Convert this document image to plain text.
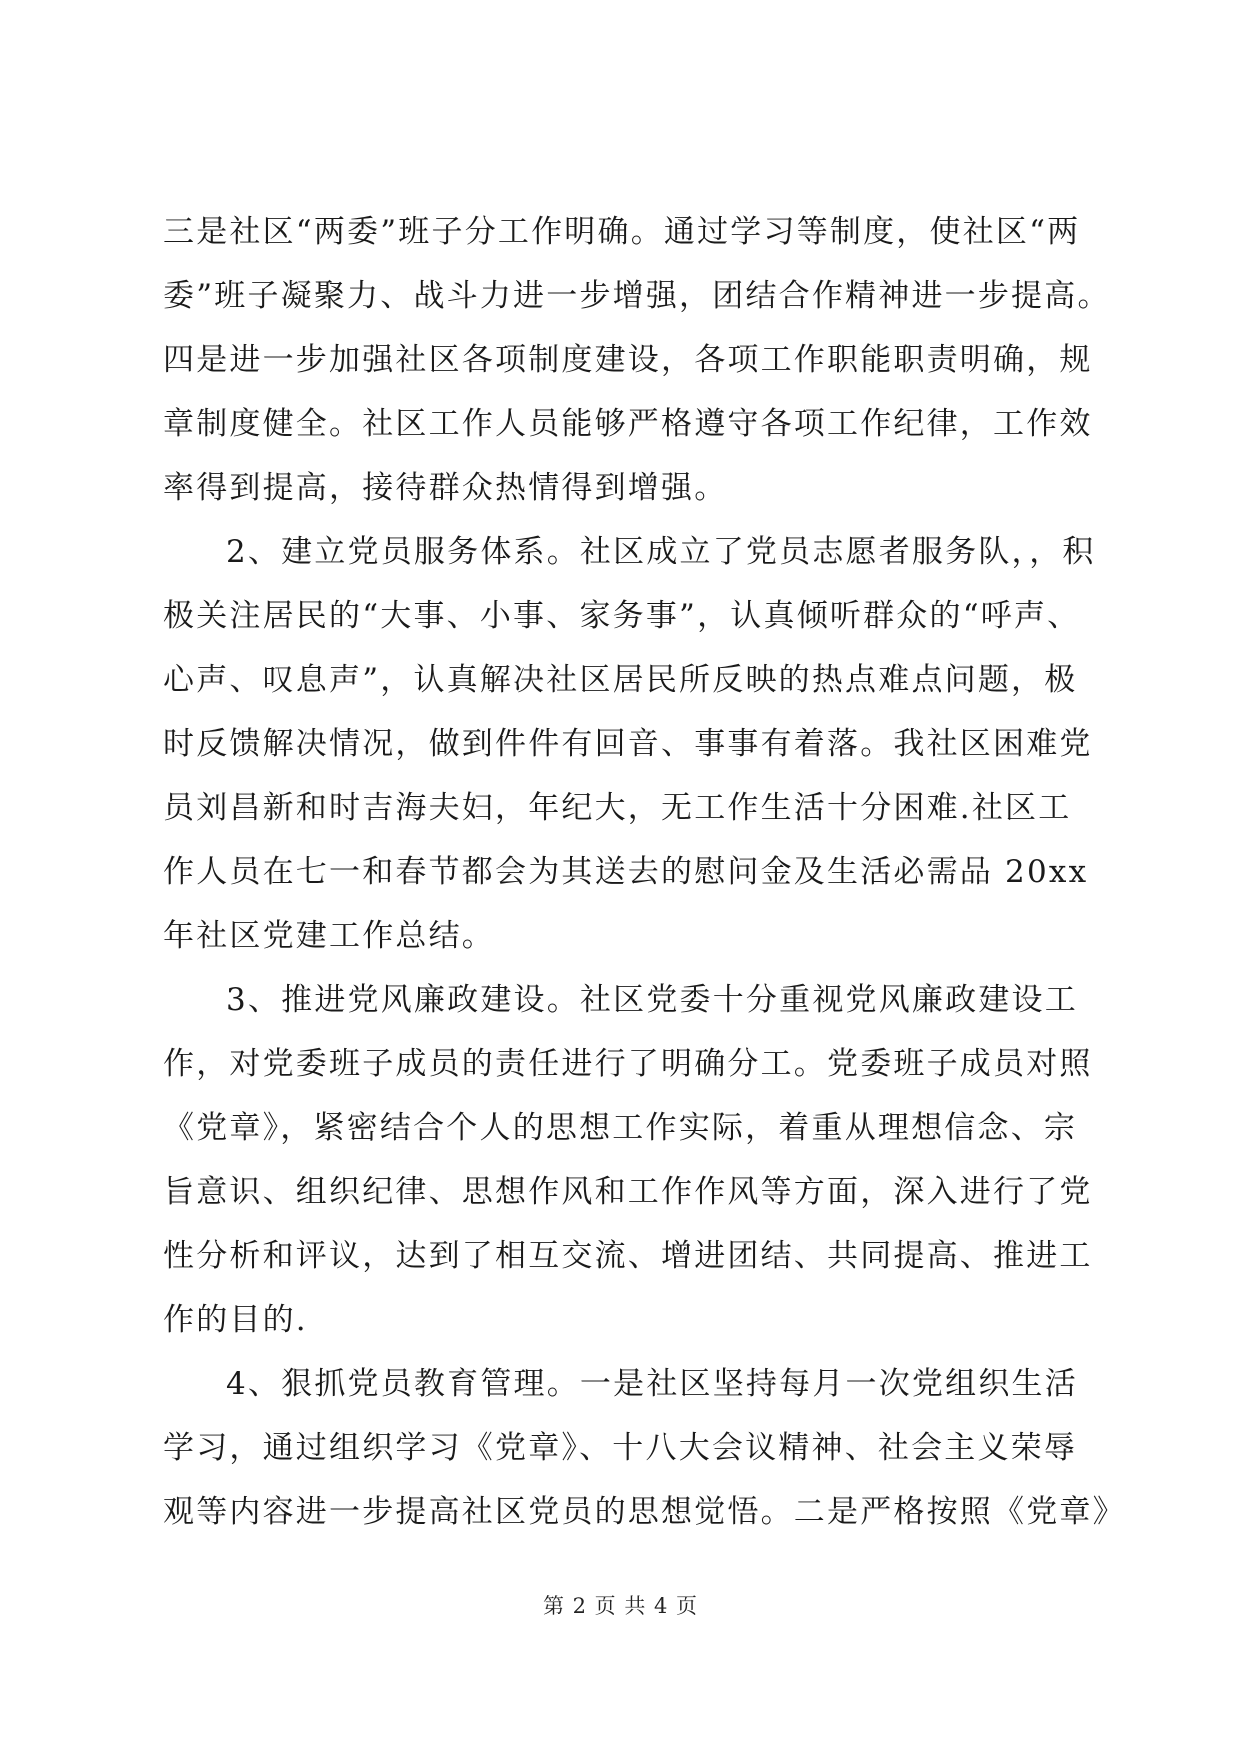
三是社区“两委”班子分工作明确。通过学习等制度，使社区“两
委”班子凝聚力、战斗力进一步增强，团结合作精神进一步提高。
四是进一步加强社区各项制度建设，各项工作职能职责明确，规
章制度健全。社区工作人员能够严格遵守各项工作纪律，工作效
率得到提高，接待群众热情得到增强。
2、建立党员服务体系。社区成立了党员志愿者服务队，，积
极关注居民的“大事、小事、家务事”，认真倾听群众的“呼声、
心声、叹息声”，认真解决社区居民所反映的热点难点问题，极
时反馈解决情况，做到件件有回音、事事有着落。我社区困难党
员刘昌新和时吉海夫妇，年纪大，无工作生活十分困难.社区工
作人员在七一和春节都会为其送去的慰问金及生活必需品 20xx
年社区党建工作总结。
3、推进党风廉政建设。社区党委十分重视党风廉政建设工
作，对党委班子成员的责任进行了明确分工。党委班子成员对照
《党章》，紧密结合个人的思想工作实际，着重从理想信念、宗
旨意识、组织纪律、思想作风和工作作风等方面，深入进行了党
性分析和评议，达到了相互交流、增进团结、共同提高、推进工
作的目的.
4、狠抓党员教育管理。一是社区坚持每月一次党组织生活
学习，通过组织学习《党章》、十八大会议精神、社会主义荣辱
观等内容进一步提高社区党员的思想觉悟。二是严格按照《党章》
第 2 页 共 4 页
